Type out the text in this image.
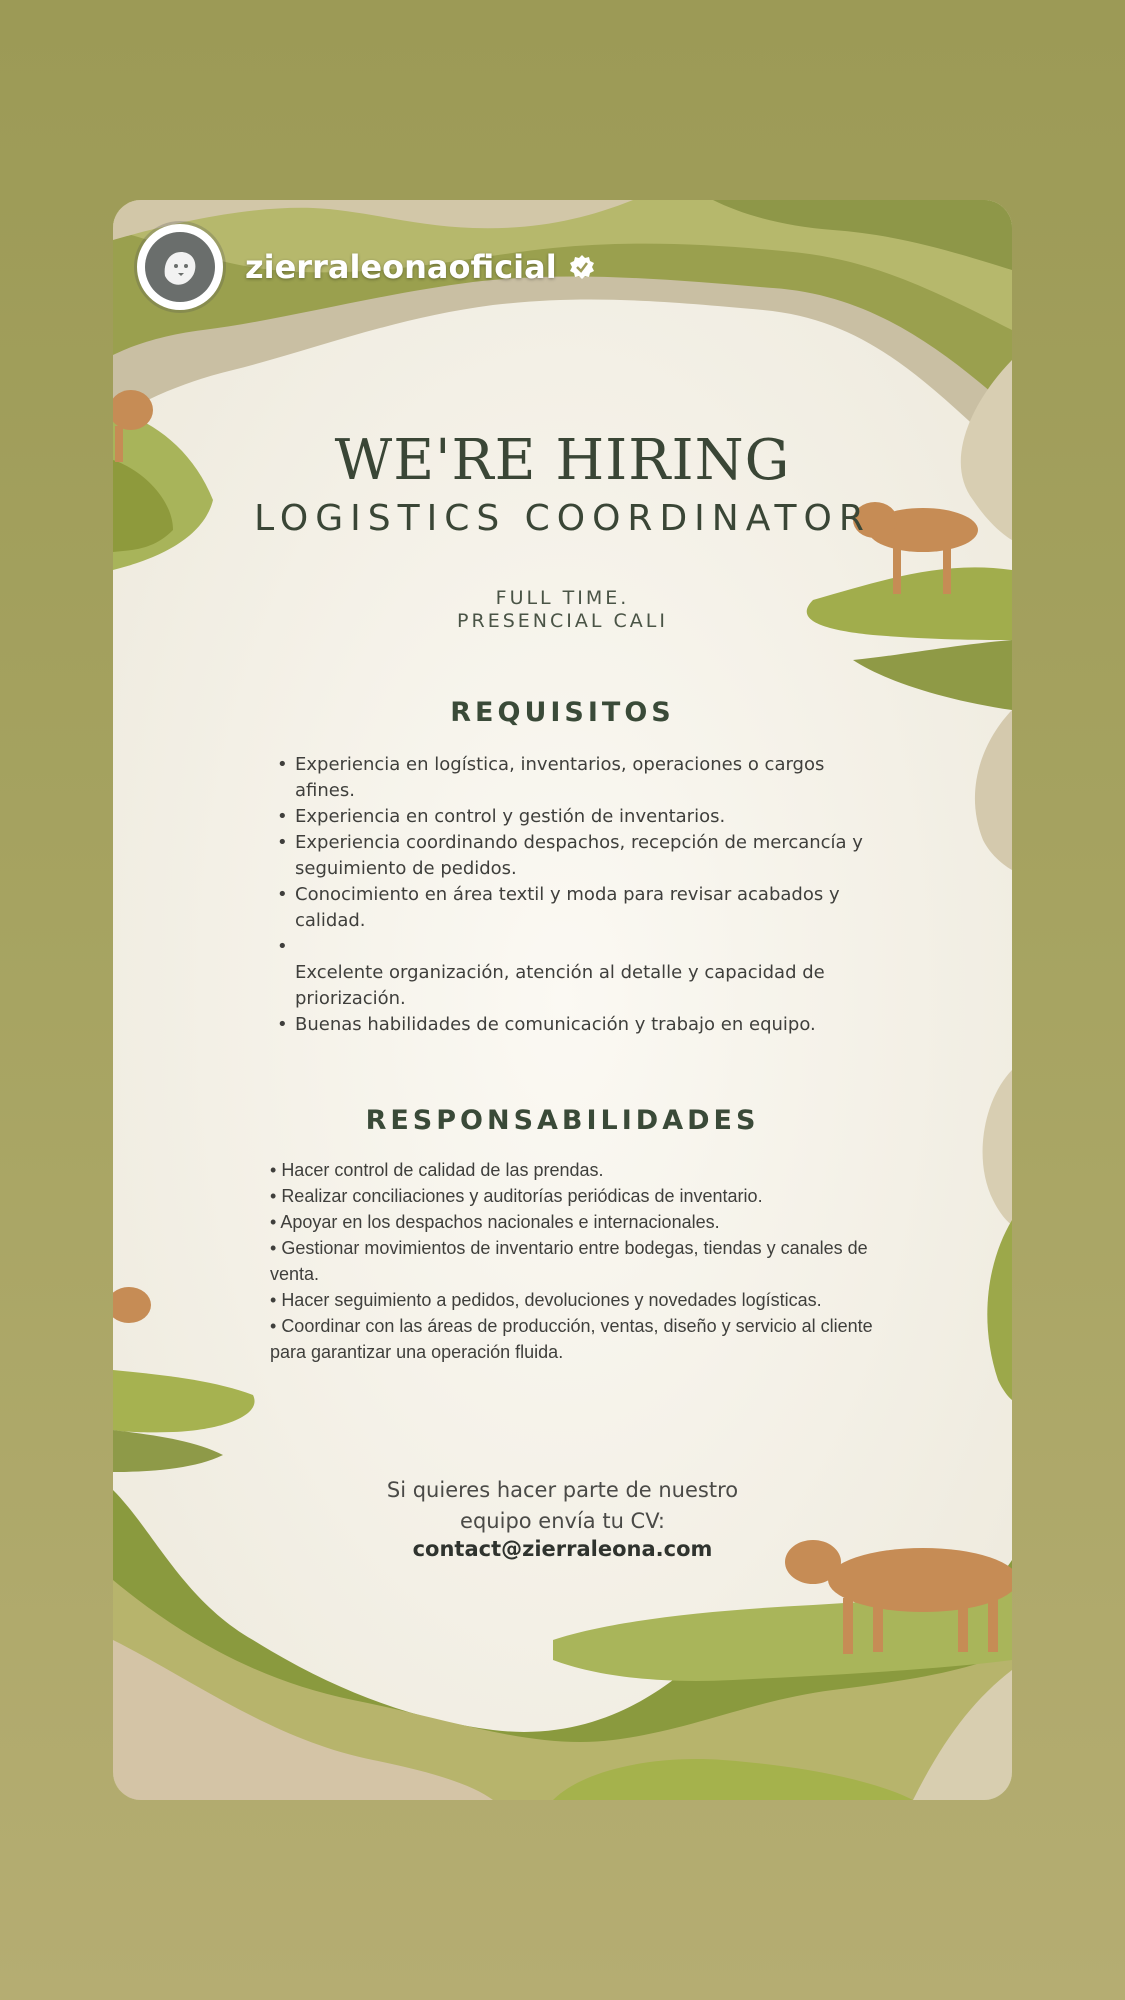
zierraleonaoficial
WE'RE HIRING
LOGISTICS COORDINATOR
FULL TIME.
PRESENCIAL CALI
REQUISITOS
• Experiencia en logística, inventarios, operaciones o cargos afines.
• Experiencia en control y gestión de inventarios.
• Experiencia coordinando despachos, recepción de mercancía y seguimiento de pedidos.
• Conocimiento en área textil y moda para revisar acabados y calidad.
• Excelente organización, atención al detalle y capacidad de priorización.
• Buenas habilidades de comunicación y trabajo en equipo.
RESPONSABILIDADES
• Hacer control de calidad de las prendas.
• Realizar conciliaciones y auditorías periódicas de inventario.
• Apoyar en los despachos nacionales e internacionales.
• Gestionar movimientos de inventario entre bodegas, tiendas y canales de venta.
• Hacer seguimiento a pedidos, devoluciones y novedades logísticas.
• Coordinar con las áreas de producción, ventas, diseño y servicio al cliente para garantizar una operación fluida.
Si quieres hacer parte de nuestro
equipo envía tu CV:
contact@zierraleona.com
